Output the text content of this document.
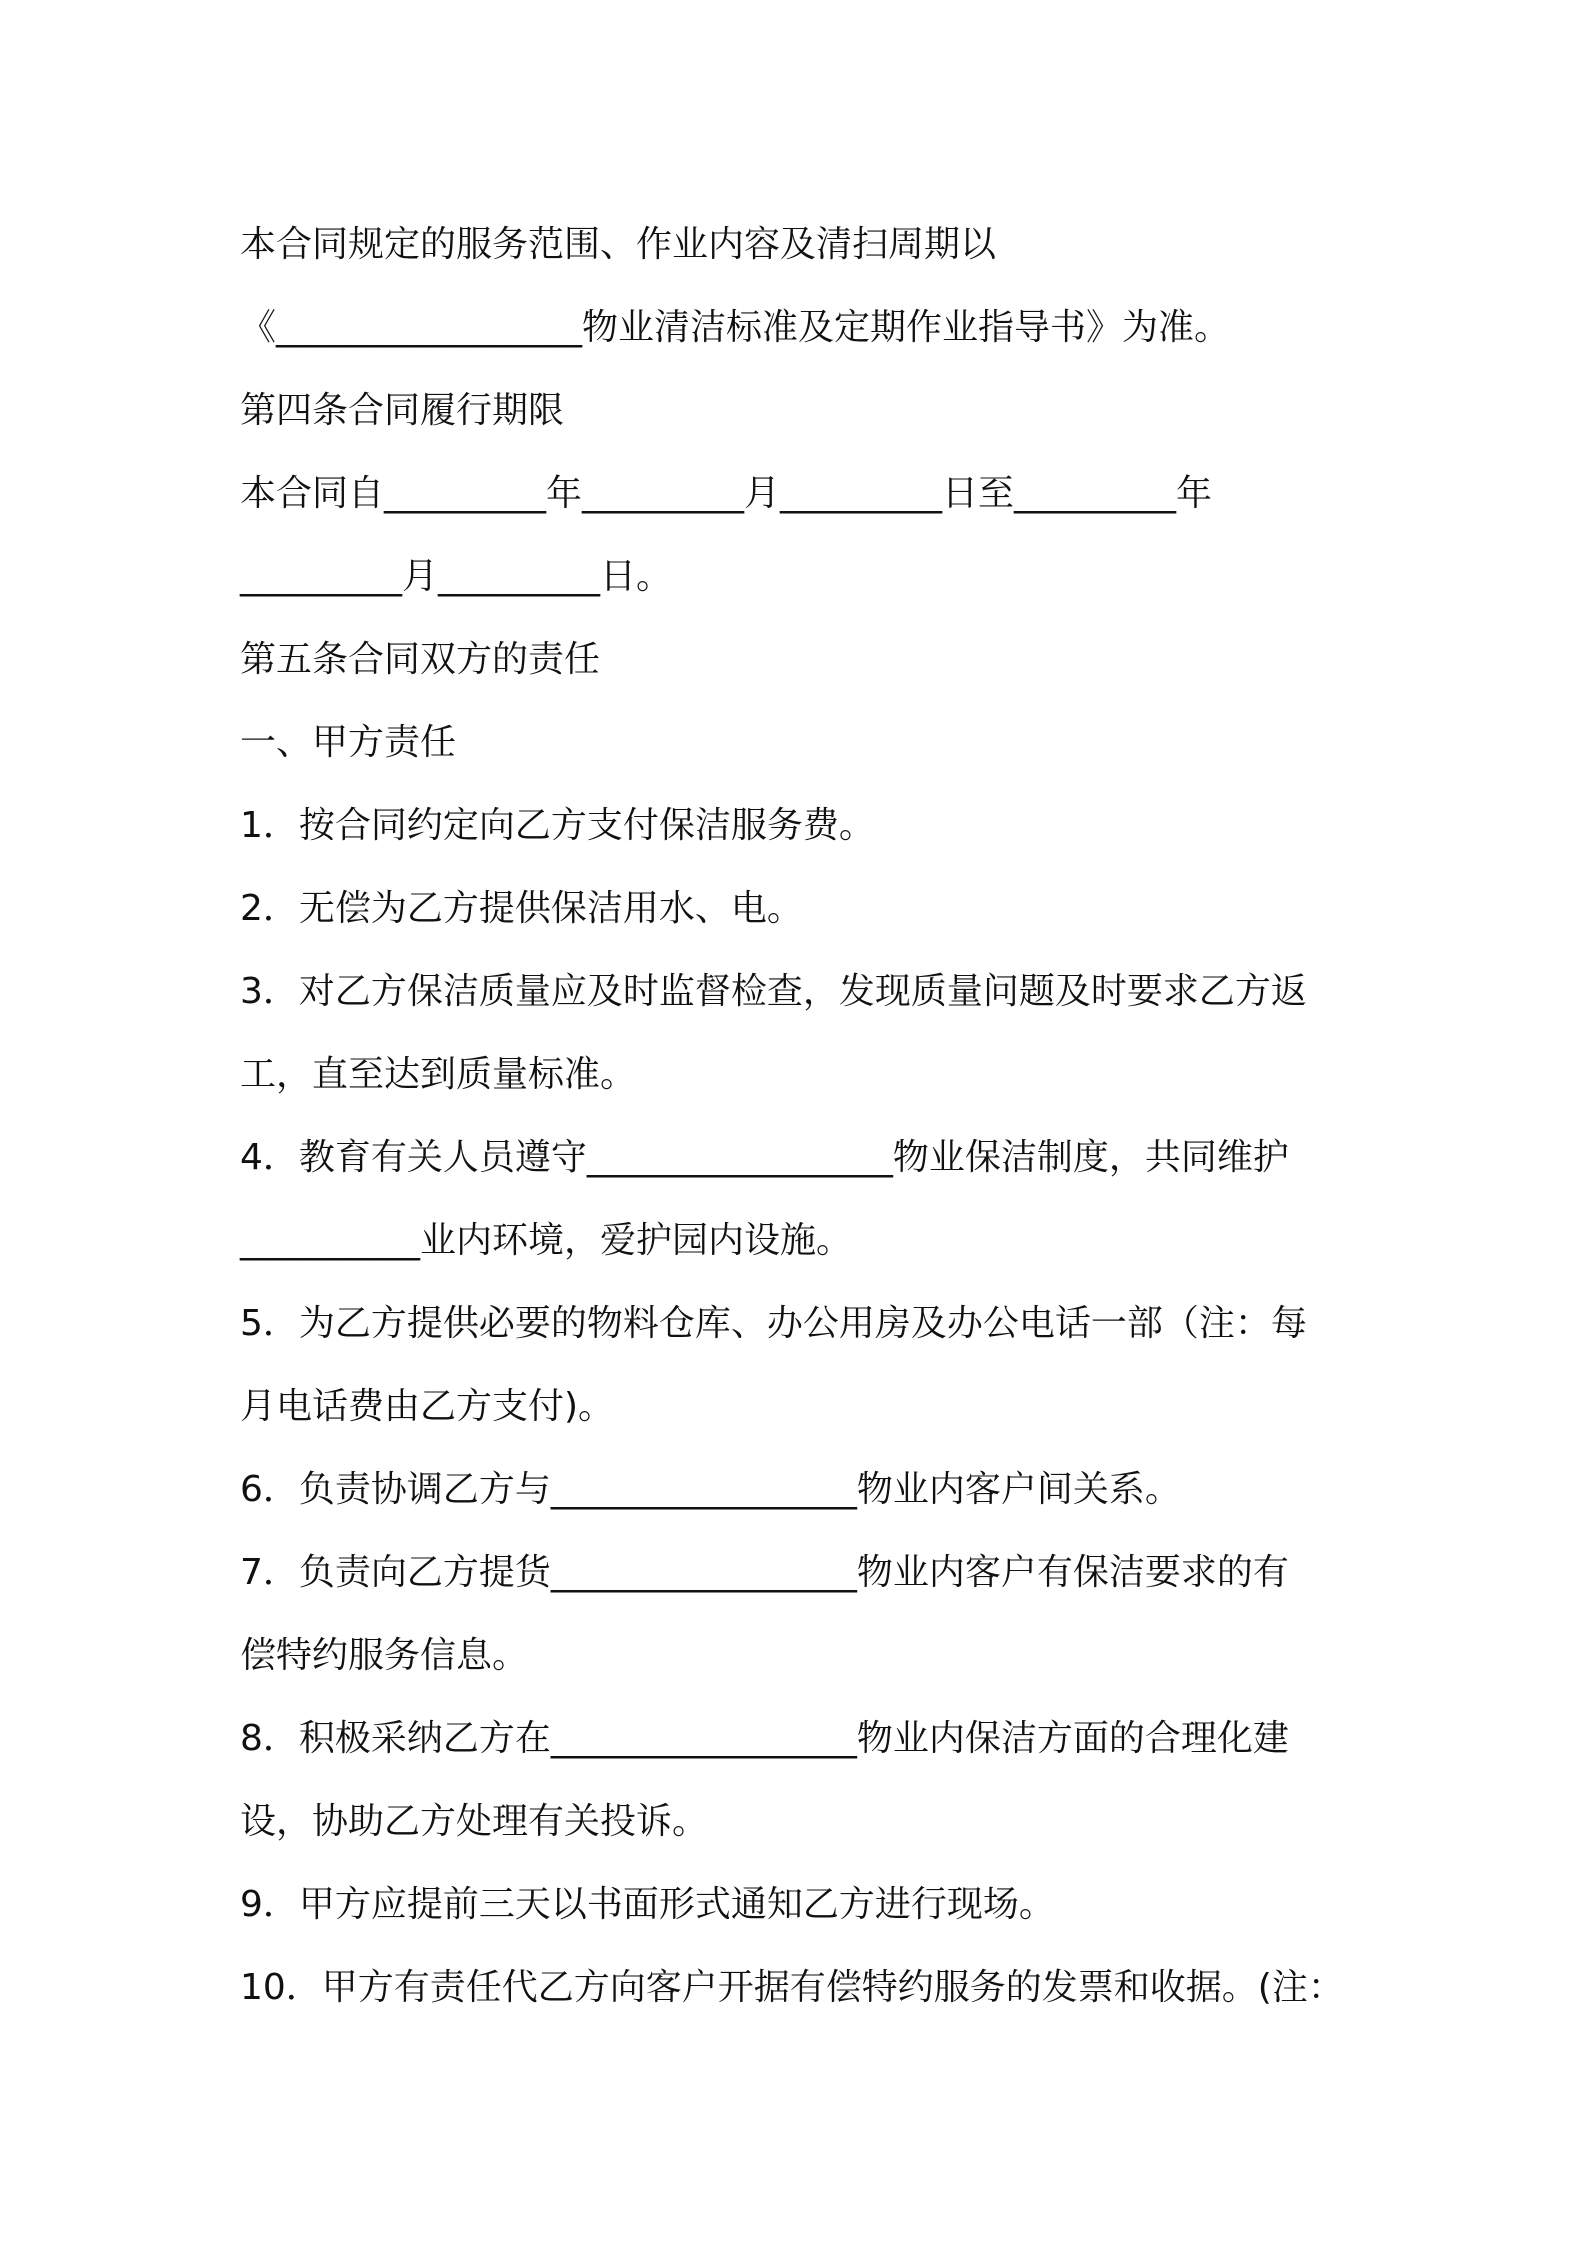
本合同规定的服务范围、作业内容及清扫周期以

《_________________物业清洁标准及定期作业指导书》为准。

第四条合同履行期限

本合同自_________年_________月_________日至_________年

_________月_________日。

第五条合同双方的责任

一、甲方责任

1．按合同约定向乙方支付保洁服务费。

2．无偿为乙方提供保洁用水、电。

3．对乙方保洁质量应及时监督检查，发现质量问题及时要求乙方返

工，直至达到质量标准。

4．教育有关人员遵守_________________物业保洁制度，共同维护

__________业内环境，爱护园内设施。

5．为乙方提供必要的物料仓库、办公用房及办公电话一部（注：每

月电话费由乙方支付)。

6．负责协调乙方与_________________物业内客户间关系。

7．负责向乙方提货_________________物业内客户有保洁要求的有

偿特约服务信息。

8．积极采纳乙方在_________________物业内保洁方面的合理化建

设，协助乙方处理有关投诉。

9．甲方应提前三天以书面形式通知乙方进行现场。

10．甲方有责任代乙方向客户开据有偿特约服务的发票和收据。(注：
